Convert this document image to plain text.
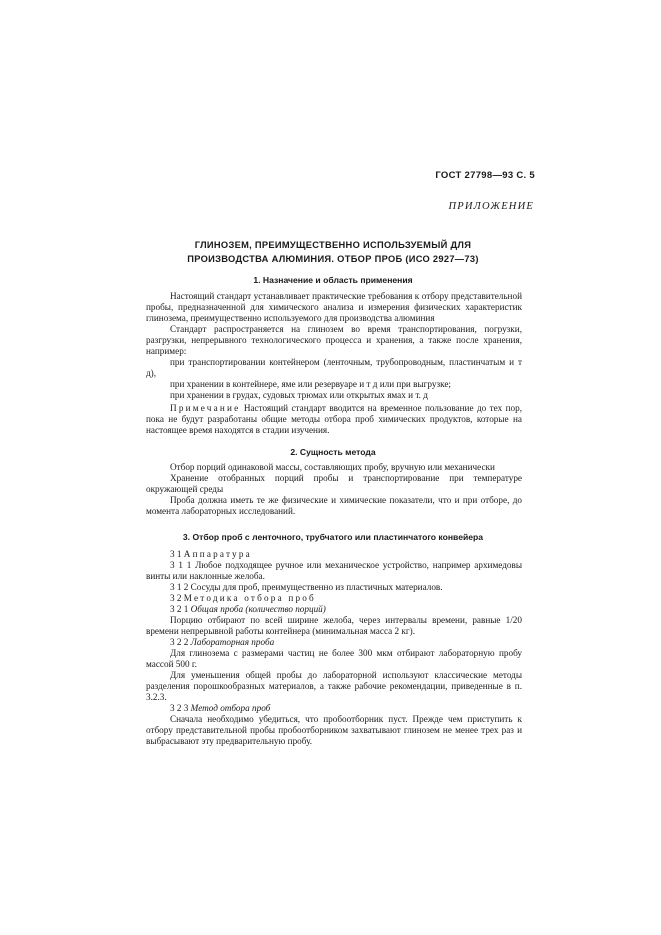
ГОСТ 27798—93 С. 5
ПРИЛОЖЕНИЕ
ГЛИНОЗЕМ, ПРЕИМУЩЕСТВЕННО ИСПОЛЬЗУЕМЫЙ ДЛЯ
ПРОИЗВОДСТВА АЛЮМИНИЯ. ОТБОР ПРОБ (ИСО 2927—73)
1. Назначение и область применения

Настоящий стандарт устанавливает практические требования к отбору представительной пробы, предназначенной для химического анализа и измерения физических характеристик глинозема, преимущественно используемого для производства алюминия

Стандарт распространяется на глинозем во время транспортирования, погрузки, разгрузки, непрерывного технологического процесса и хранения, а также после хранения, например:

при транспортировании контейнером (ленточным, трубопроводным, пластинчатым и т д),

при хранении в контейнере, яме или резервуаре и т д или при выгрузке;

при хранении в грудах, судовых трюмах или открытых ямах и т. д

Примечание Настоящий стандарт вводится на временное пользование до тех пор, пока не будут разработаны общие методы отбора проб химических продуктов, которые на настоящее время находятся в стадии изучения.

2. Сущность метода

Отбор порций одинаковой массы, составляющих пробу, вручную или механически

Хранение отобранных порций пробы и транспортирование при температуре окружающей среды

Проба должна иметь те же физические и химические показатели, что и при отборе, до момента лабораторных исследований.

3. Отбор проб с ленточного, трубчатого или пластинчатого конвейера

3 1 Аппаратура

3 1 1 Любое подходящее ручное или механическое устройство, например архимедовы винты или наклонные желоба.

3 1 2 Сосуды для проб, преимущественно из пластичных материалов.

3 2 Методика отбора проб

3 2 1 Общая проба (количество порций)

Порцию отбирают по всей ширине желоба, через интервалы времени, равные 1/20 времени непрерывной работы контейнера (минимальная масса 2 кг).

3 2 2 Лабораторная проба

Для глинозема с размерами частиц не более 300 мкм отбирают лабораторную пробу массой 500 г.

Для уменьшения общей пробы до лабораторной используют классические методы разделения порошкообразных материалов, а также рабочие рекомендации, приведенные в п. 3.2.3.

3 2 3 Метод отбора проб

Сначала необходимо убедиться, что пробоотборник пуст. Прежде чем приступить к отбору представительной пробы пробоотборником захватывают глинозем не менее трех раз и выбрасывают эту предварительную пробу.
